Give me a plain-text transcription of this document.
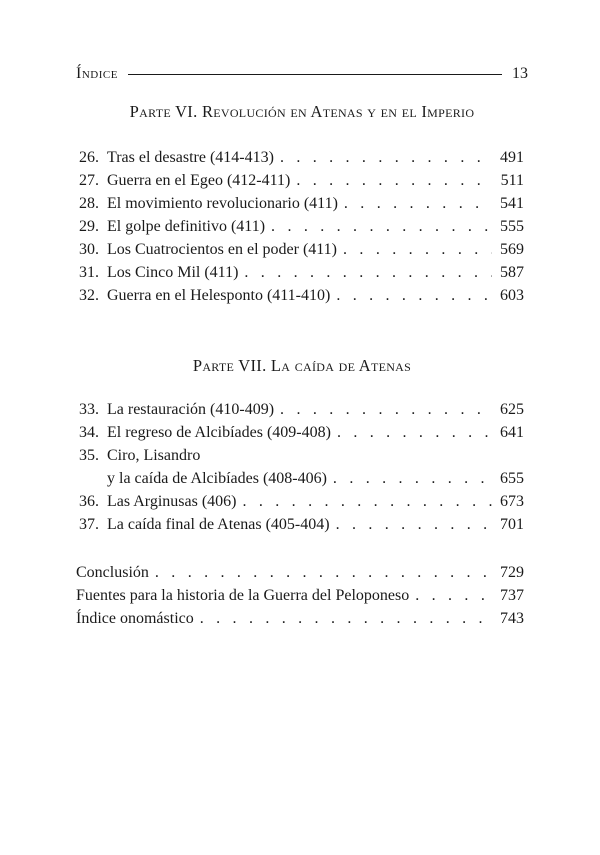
Índice	13
Parte VI. Revolución en Atenas y en el Imperio
26. Tras el desastre (414-413) . . .	491
27. Guerra en el Egeo (412-411) . . .	511
28. El movimiento revolucionario (411) . . .	541
29. El golpe definitivo (411) . . .	555
30. Los Cuatrocientos en el poder (411) . . .	569
31. Los Cinco Mil (411) . . .	587
32. Guerra en el Helesponto (411-410) . . .	603
Parte VII. La caída de Atenas
33. La restauración (410-409) . . .	625
34. El regreso de Alcibíades (409-408) . . .	641
35. Ciro, Lisandro
y la caída de Alcibíades (408-406) . . .	655
36. Las Arginusas (406) . . .	673
37. La caída final de Atenas (405-404) . . .	701
Conclusión . . .	729
Fuentes para la historia de la Guerra del Peloponeso . . .	737
Índice onomástico . . .	743
